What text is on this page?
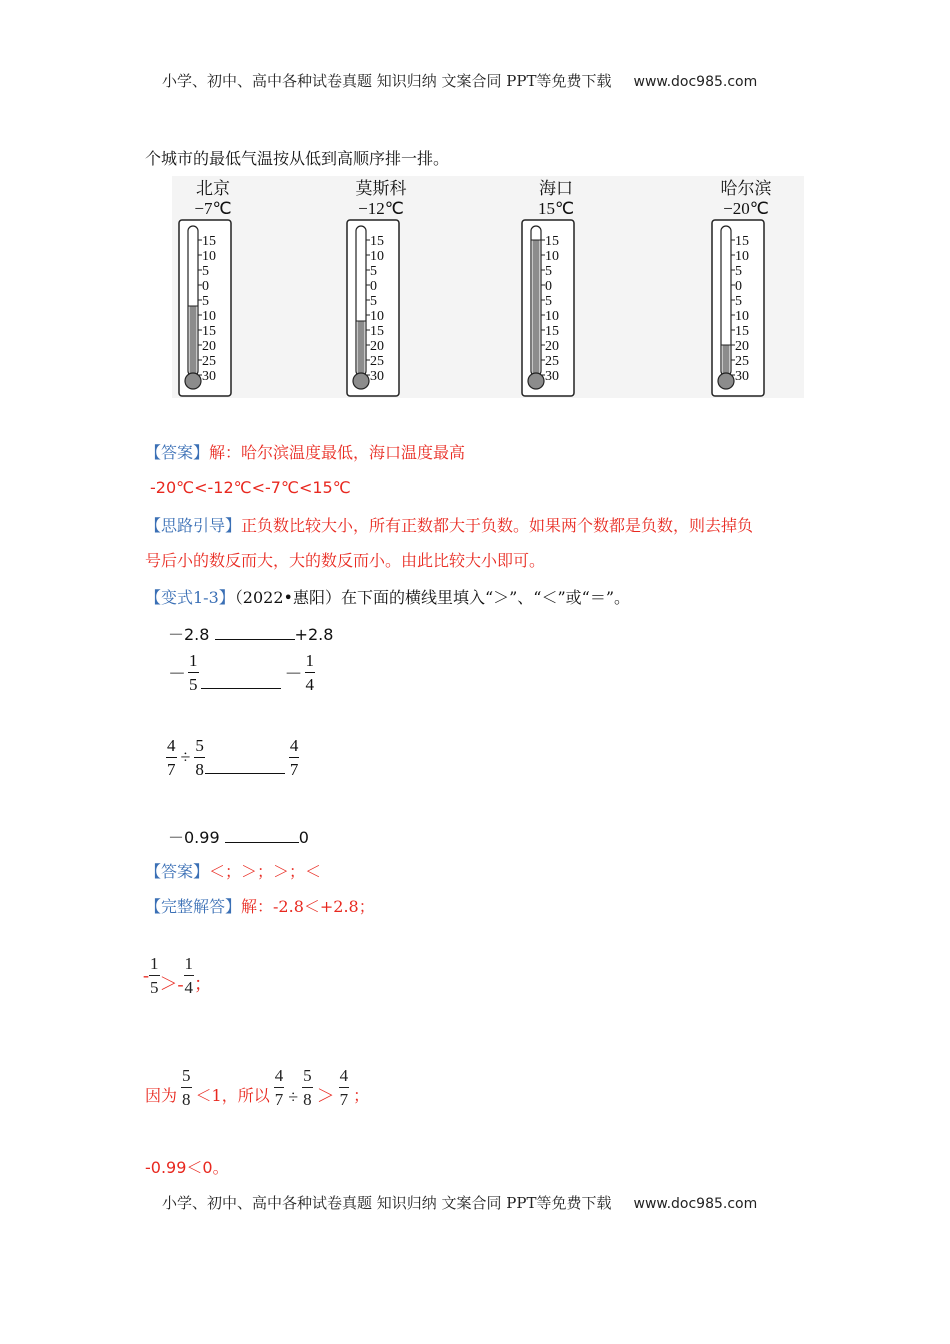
小学、初中、高中各种试卷真题 知识归纳 文案合同 PPT等免费下载 www.doc985.com
个城市的最低气温按从低到高顺序排一排。
北京
−7℃
15
10
5
0
5
10
15
20
25
30
莫斯科
−12℃
15
10
5
0
5
10
15
20
25
30
海口
15℃
15
10
5
0
5
10
15
20
25
30
哈尔滨
−20℃
15
10
5
0
5
10
15
20
25
30
【答案】解：哈尔滨温度最低，海口温度最高
-20℃<-12℃<-7℃<15℃
【思路引导】正负数比较大小，所有正数都大于负数。如果两个数都是负数，则去掉负
号后小的数反而大，大的数反而小。由此比较大小即可。
【变式1-3】（2022•惠阳）在下面的横线里填入“＞”、“＜”或“＝”。
－2.8	+2.8
－ $\frac{1}{5}$	－ $\frac{1}{4}$
$\frac{4}{7} \div \frac{5}{8}$	$\frac{4}{7}$
－0.99	0
【答案】＜；＞；＞；＜
【完整解答】解：-2.8＜+2.8；
- $\frac{1}{5} >- \frac{1}{4}$ ；
因为 $\frac{5}{8} <1$，所以 $\frac{4}{7} \div \frac{5}{8} > \frac{4}{7}$ ；
-0.99＜0。
小学、初中、高中各种试卷真题 知识归纳 文案合同 PPT等免费下载 www.doc985.com
